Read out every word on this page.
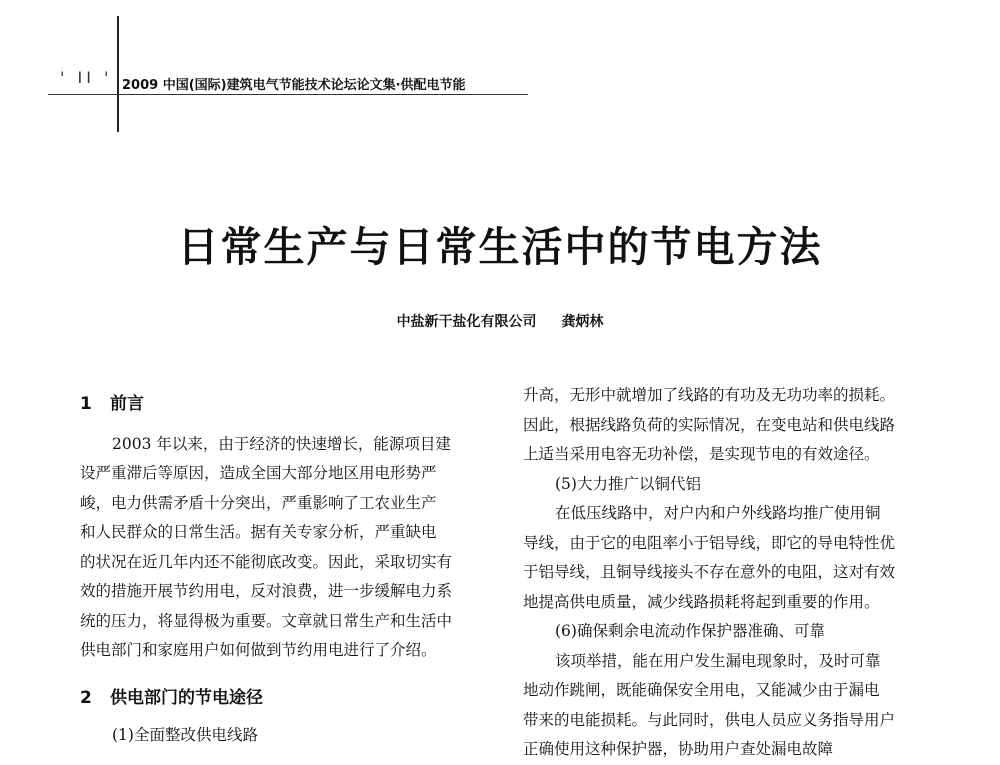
' II ' 2009 中国(国际)建筑电气节能技术论坛论文集·供配电节能
日常生产与日常生活中的节电方法
中盐新干盐化有限公司 龚炳林
1 前言

2003 年以来，由于经济的快速增长，能源项目建

设严重滞后等原因，造成全国大部分地区用电形势严

峻，电力供需矛盾十分突出，严重影响了工农业生产

和人民群众的日常生活。据有关专家分析，严重缺电

的状况在近几年内还不能彻底改变。因此，采取切实有

效的措施开展节约用电，反对浪费，进一步缓解电力系

统的压力，将显得极为重要。文章就日常生产和生活中

供电部门和家庭用户如何做到节约用电进行了介绍。

2 供电部门的节电途径

(1)全面整改供电线路

升高，无形中就增加了线路的有功及无功功率的损耗。

因此，根据线路负荷的实际情况，在变电站和供电线路

上适当采用电容无功补偿，是实现节电的有效途径。

(5)大力推广以铜代铝

在低压线路中，对户内和户外线路均推广使用铜

导线，由于它的电阻率小于铝导线，即它的导电特性优

于铝导线，且铜导线接头不存在意外的电阻，这对有效

地提高供电质量，减少线路损耗将起到重要的作用。

(6)确保剩余电流动作保护器准确、可靠

该项举措，能在用户发生漏电现象时，及时可靠

地动作跳闸，既能确保安全用电，又能减少由于漏电

带来的电能损耗。与此同时，供电人员应义务指导用户

正确使用这种保护器，协助用户查处漏电故障
